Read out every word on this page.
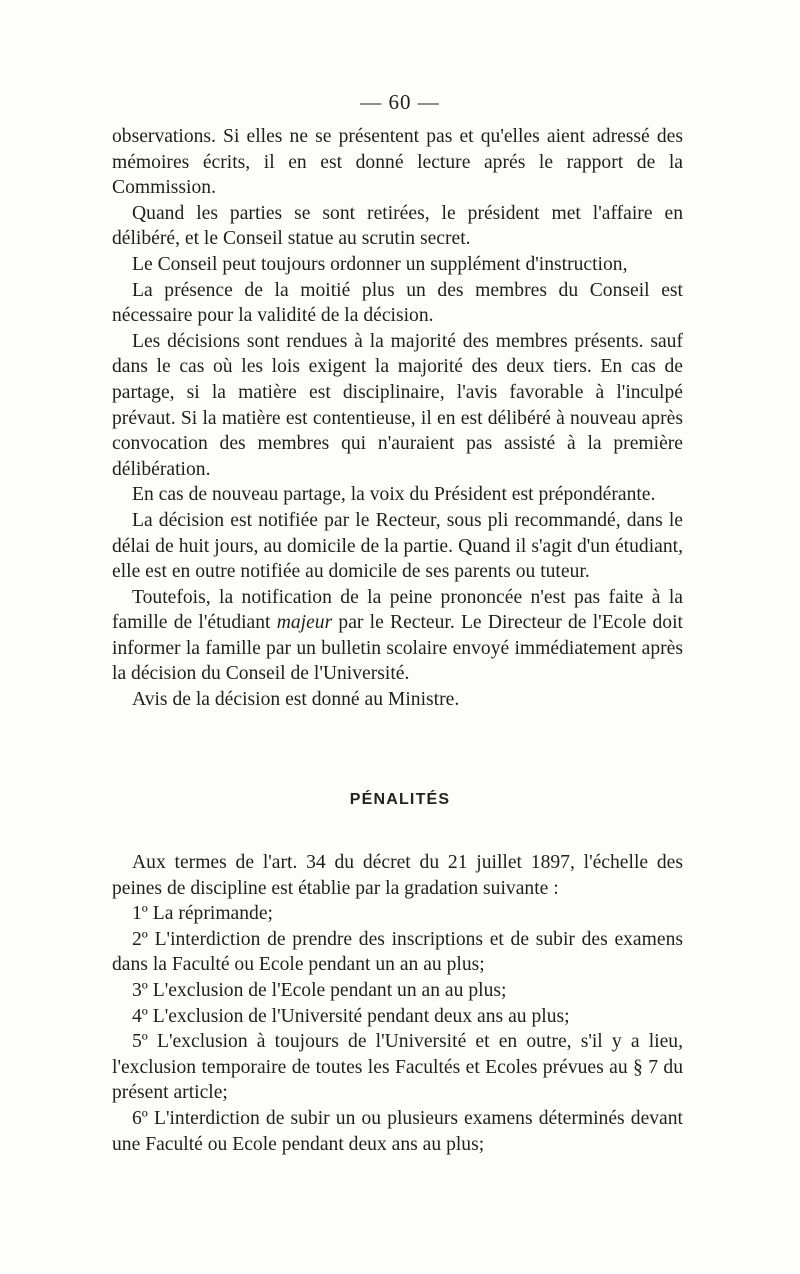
— 60 —

observations. Si elles ne se présentent pas et qu'elles aient adressé des mémoires écrits, il en est donné lecture aprés le rapport de la Commission.

Quand les parties se sont retirées, le président met l'affaire en délibéré, et le Conseil statue au scrutin secret.

Le Conseil peut toujours ordonner un supplément d'instruction,

La présence de la moitié plus un des membres du Conseil est nécessaire pour la validité de la décision.

Les décisions sont rendues à la majorité des membres présents. sauf dans le cas où les lois exigent la majorité des deux tiers. En cas de partage, si la matière est disciplinaire, l'avis favorable à l'inculpé prévaut. Si la matière est contentieuse, il en est délibéré à nouveau après convocation des membres qui n'auraient pas assisté à la première délibération.

En cas de nouveau partage, la voix du Président est prépondérante.

La décision est notifiée par le Recteur, sous pli recommandé, dans le délai de huit jours, au domicile de la partie. Quand il s'agit d'un étudiant, elle est en outre notifiée au domicile de ses parents ou tuteur.

Toutefois, la notification de la peine prononcée n'est pas faite à la famille de l'étudiant majeur par le Recteur. Le Directeur de l'Ecole doit informer la famille par un bulletin scolaire envoyé immédiatement après la décision du Conseil de l'Université.

Avis de la décision est donné au Ministre.

PÉNALITÉS

Aux termes de l'art. 34 du décret du 21 juillet 1897, l'échelle des peines de discipline est établie par la gradation suivante :

1º La réprimande;

2º L'interdiction de prendre des inscriptions et de subir des examens dans la Faculté ou Ecole pendant un an au plus;

3º L'exclusion de l'Ecole pendant un an au plus;

4º L'exclusion de l'Université pendant deux ans au plus;

5º L'exclusion à toujours de l'Université et en outre, s'il y a lieu, l'exclusion temporaire de toutes les Facultés et Ecoles prévues au § 7 du présent article;

6º L'interdiction de subir un ou plusieurs examens déterminés devant une Faculté ou Ecole pendant deux ans au plus;
